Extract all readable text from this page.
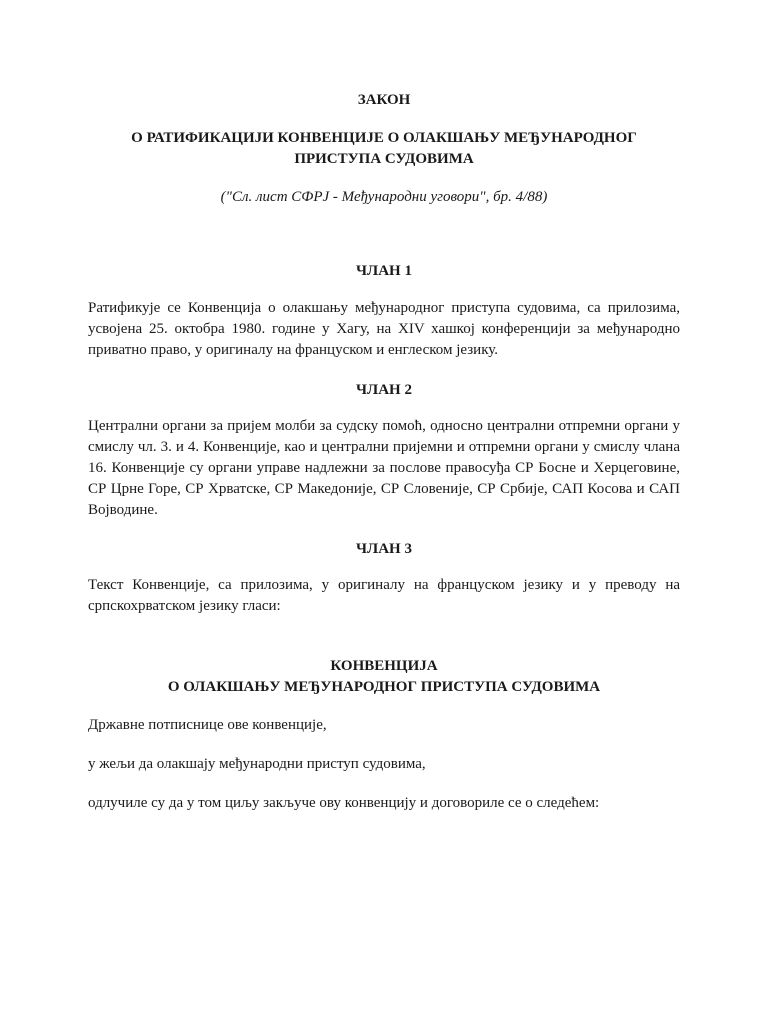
ЗАКОН

О РАТИФИКАЦИЈИ КОНВЕНЦИЈЕ О ОЛАКШАЊУ МЕЂУНАРОДНОГ

ПРИСТУПА СУДОВИМА

("Сл. лист СФРЈ - Међународни уговори", бр. 4/88)

ЧЛАН 1

Ратификује се Конвенција о олакшању међународног приступа судовима, са прилозима, усвојена 25. октобра 1980. године у Хагу, на XIV хашкој конференцији за међународно приватно право, у оригиналу на француском и енглеском језику.

ЧЛАН 2

Централни органи за пријем молби за судску помоћ, односно централни отпремни органи у смислу чл. 3. и 4. Конвенције, као и централни пријемни и отпремни органи у смислу члана 16. Конвенције су органи управе надлежни за послове правосуђа СР Босне и Херцеговине, СР Црне Горе, СР Хрватске, СР Македоније, СР Словеније, СР Србије, САП Косова и САП Војводине.

ЧЛАН 3

Текст Конвенције, са прилозима, у оригиналу на француском језику и у преводу на српскохрватском језику гласи:

КОНВЕНЦИЈА

О ОЛАКШАЊУ МЕЂУНАРОДНОГ ПРИСТУПА СУДОВИМА

Државне потписнице ове конвенције,

у жељи да олакшају међународни приступ судовима,

одлучиле су да у том циљу закључе ову конвенцију и договориле се о следећем:
